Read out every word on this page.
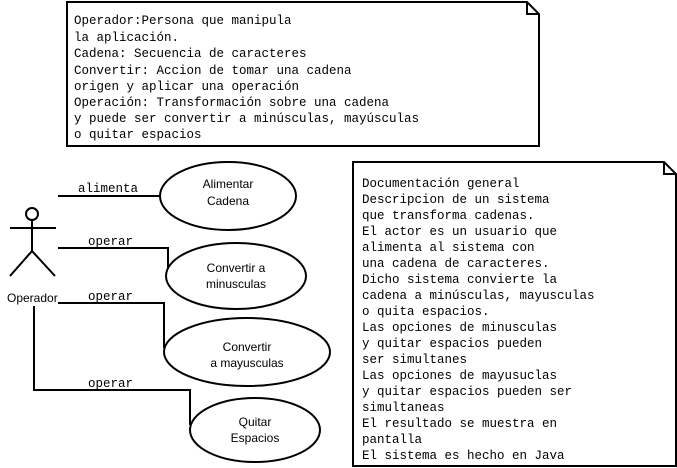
Operador:Persona que manipula
la aplicación.
Cadena: Secuencia de caracteres
Convertir: Accion de tomar una cadena
origen y aplicar una operación
Operación: Transformación sobre una cadena
y puede ser convertir a minúsculas, mayúsculas
o quitar espacios
Documentación general
Descripcion de un sistema
que transforma cadenas.
El actor es un usuario que
alimenta al sistema con
una cadena de caracteres.
Dicho sistema convierte la
cadena a minúsculas, mayusculas
o quita espacios.
Las opciones de minusculas
y quitar espacios pueden
ser simultanes
Las opciones de mayusuclas
y quitar espacios pueden ser
simultaneas
El resultado se muestra en
pantalla
El sistema es hecho en Java
Operador
alimenta
operar
operar
operar
Alimentar
Cadena
Convertir a
minusculas
Convertir
a mayusculas
Quitar
Espacios
